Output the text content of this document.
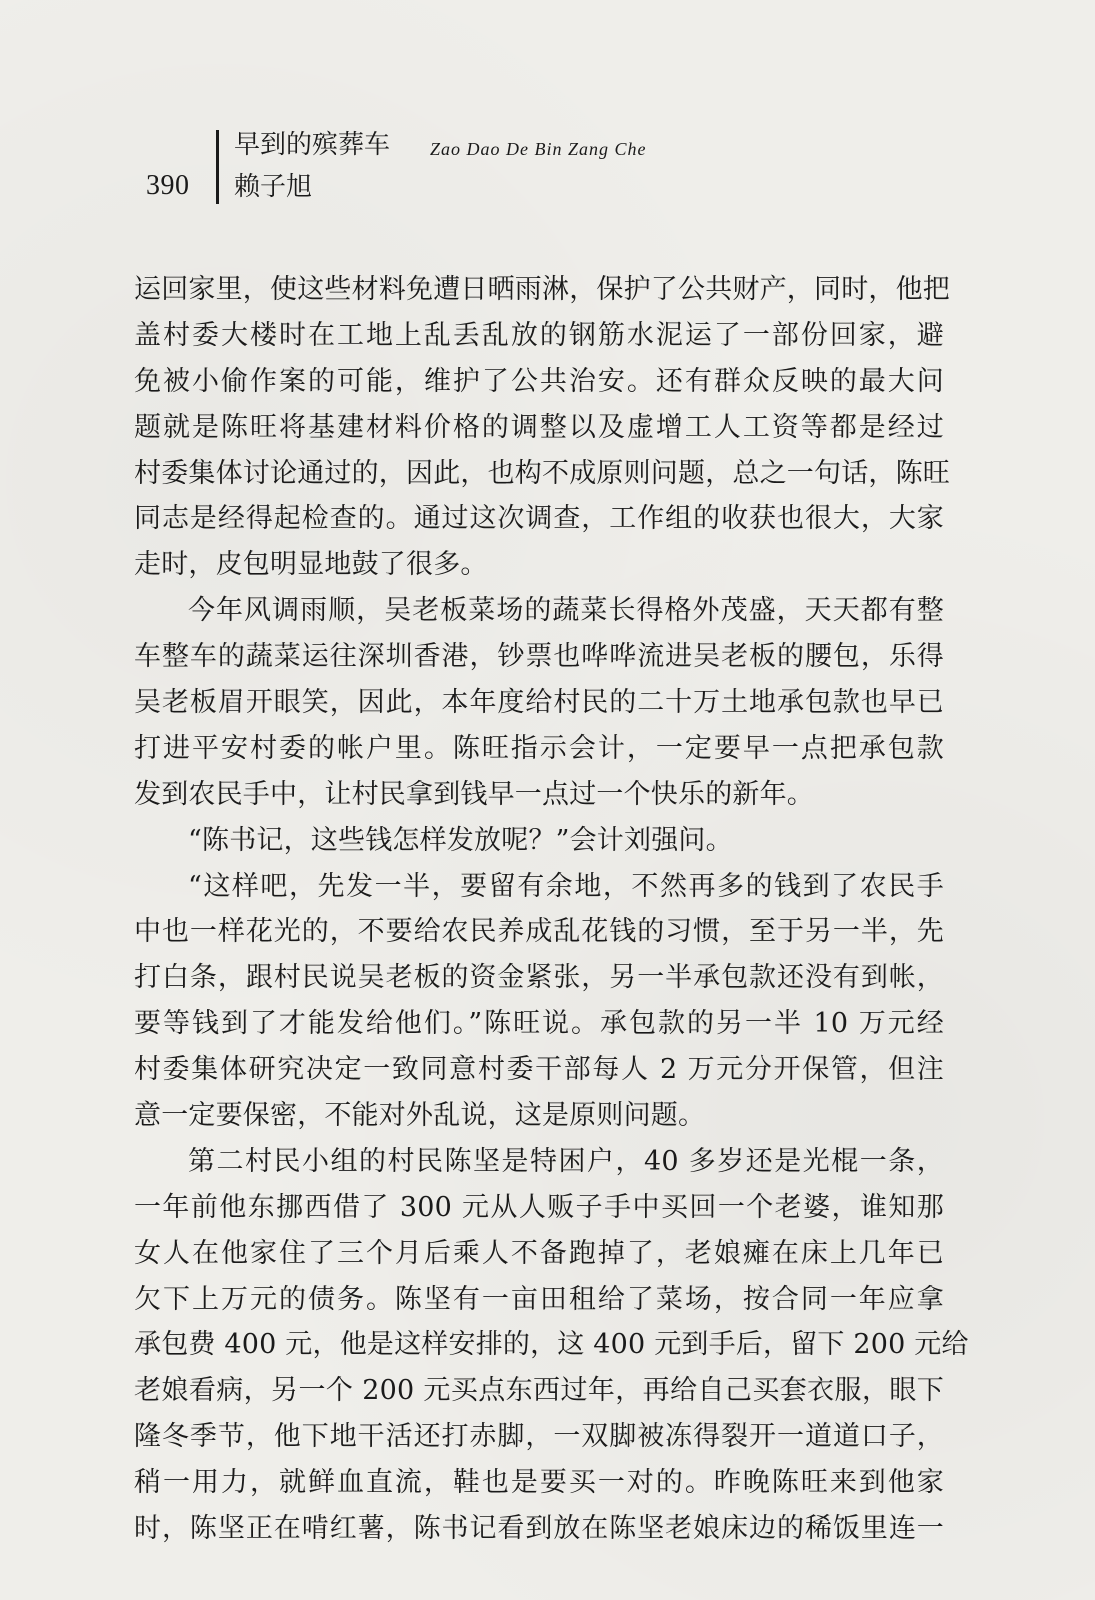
390
早到的殡葬车 Zao Dao De Bin Zang Che
赖子旭
运回家里，使这些材料免遭日晒雨淋，保护了公共财产，同时，他把
盖村委大楼时在工地上乱丢乱放的钢筋水泥运了一部份回家，避
免被小偷作案的可能，维护了公共治安。还有群众反映的最大问
题就是陈旺将基建材料价格的调整以及虚增工人工资等都是经过
村委集体讨论通过的，因此，也构不成原则问题，总之一句话，陈旺
同志是经得起检查的。通过这次调查，工作组的收获也很大，大家
走时，皮包明显地鼓了很多。
今年风调雨顺，吴老板菜场的蔬菜长得格外茂盛，天天都有整
车整车的蔬菜运往深圳香港，钞票也哗哗流进吴老板的腰包，乐得
吴老板眉开眼笑，因此，本年度给村民的二十万土地承包款也早已
打进平安村委的帐户里。陈旺指示会计，一定要早一点把承包款
发到农民手中，让村民拿到钱早一点过一个快乐的新年。
“陈书记，这些钱怎样发放呢？”会计刘强问。
“这样吧，先发一半，要留有余地，不然再多的钱到了农民手
中也一样花光的，不要给农民养成乱花钱的习惯，至于另一半，先
打白条，跟村民说吴老板的资金紧张，另一半承包款还没有到帐，
要等钱到了才能发给他们。”陈旺说。承包款的另一半 10 万元经
村委集体研究决定一致同意村委干部每人 2 万元分开保管，但注
意一定要保密，不能对外乱说，这是原则问题。
第二村民小组的村民陈坚是特困户，40 多岁还是光棍一条，
一年前他东挪西借了 300 元从人贩子手中买回一个老婆，谁知那
女人在他家住了三个月后乘人不备跑掉了，老娘瘫在床上几年已
欠下上万元的债务。陈坚有一亩田租给了菜场，按合同一年应拿
承包费 400 元，他是这样安排的，这 400 元到手后，留下 200 元给
老娘看病，另一个 200 元买点东西过年，再给自己买套衣服，眼下
隆冬季节，他下地干活还打赤脚，一双脚被冻得裂开一道道口子，
稍一用力，就鲜血直流，鞋也是要买一对的。昨晚陈旺来到他家
时，陈坚正在啃红薯，陈书记看到放在陈坚老娘床边的稀饭里连一
